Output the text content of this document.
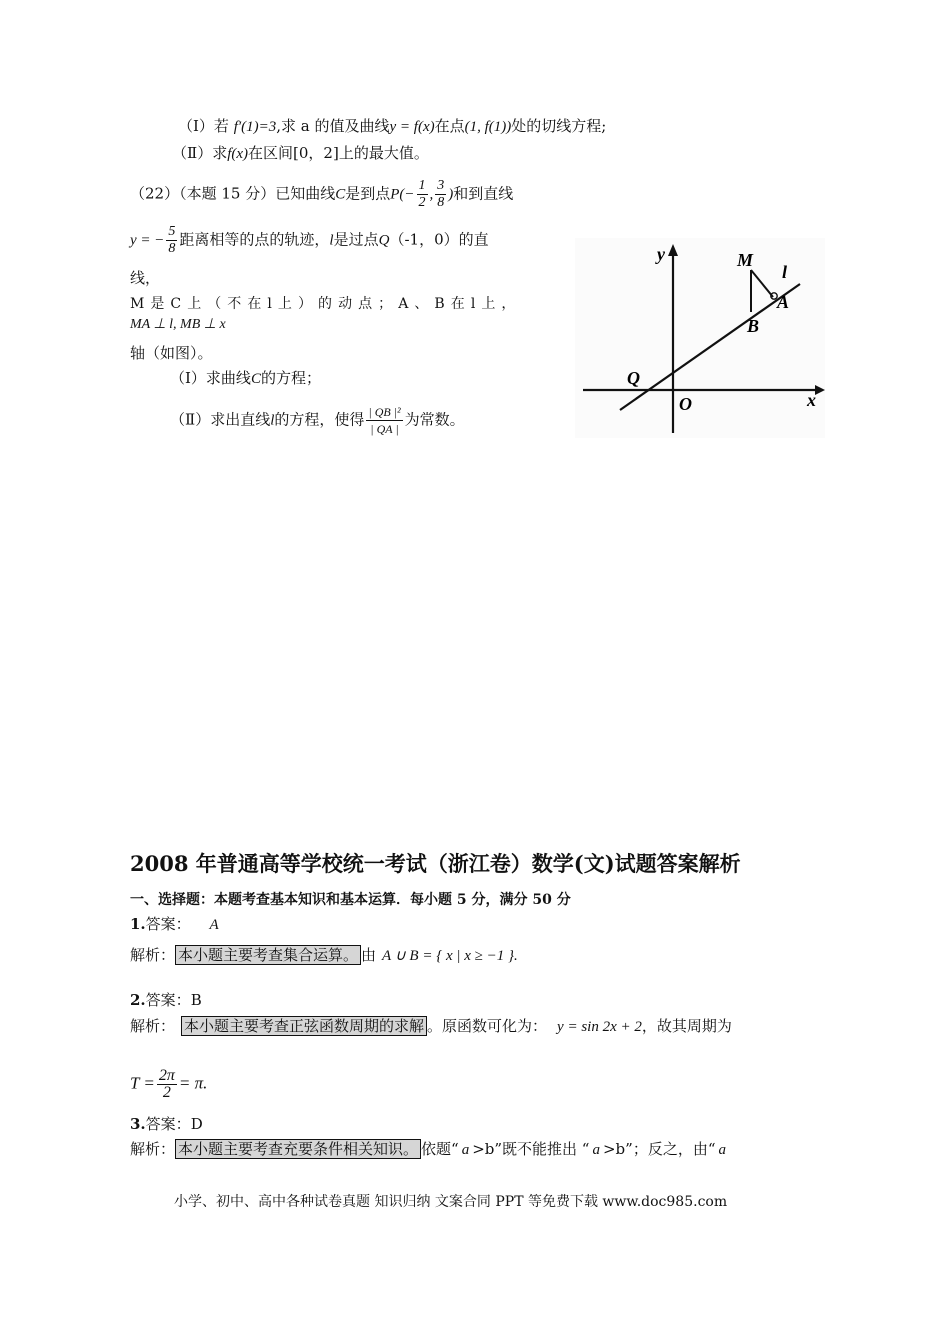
（Ⅰ）若 f′(1)=3,求 a 的值及曲线y = f(x)在点(1, f(1))处的切线方程;
（Ⅱ）求f(x)在区间[0，2]上的最大值。
（22）（本题 15 分）已知曲线C是到点$P(- \frac{1}{2}$ , $\frac{3}{8}$ )和到直线
y = − $\frac{5}{8}$ 距离相等的点的轨迹，l是过点Q（-1，0）的直
线，
M 是 C 上 （ 不 在 l 上 ） 的 动 点 ； A 、 B 在 l 上 ，
MA ⊥ l, MB ⊥ x
轴（如图）。
（Ⅰ）求曲线C的方程；
（Ⅱ）求出直线l的方程，使得 $\frac{\text{| QB |²}}{| QA |}$ 为常数。
y
x
M
l
A
B
Q
O
2008 年普通高等学校统一考试（浙江卷）数学(文)试题答案解析
一、选择题：本题考查基本知识和基本运算．每小题 5 分，满分 50 分
1.答案： A
解析： 本小题主要考查集合运算。 由 A ∪ B = { x | x ≥ −1 }.
2.答案：B
解析： 本小题主要考查正弦函数周期的求解 。原函数可化为： y = sin 2x + 2，故其周期为
$T = \frac{2\pi}{2} = \pi$.
3.答案：D
解析： 本小题主要考查充要条件相关知识。 依题“ a >b”既不能推出 “ a >b”；反之，由“ a
小学、初中、高中各种试卷真题 知识归纳 文案合同 PPT 等免费下载 www.doc985.com
